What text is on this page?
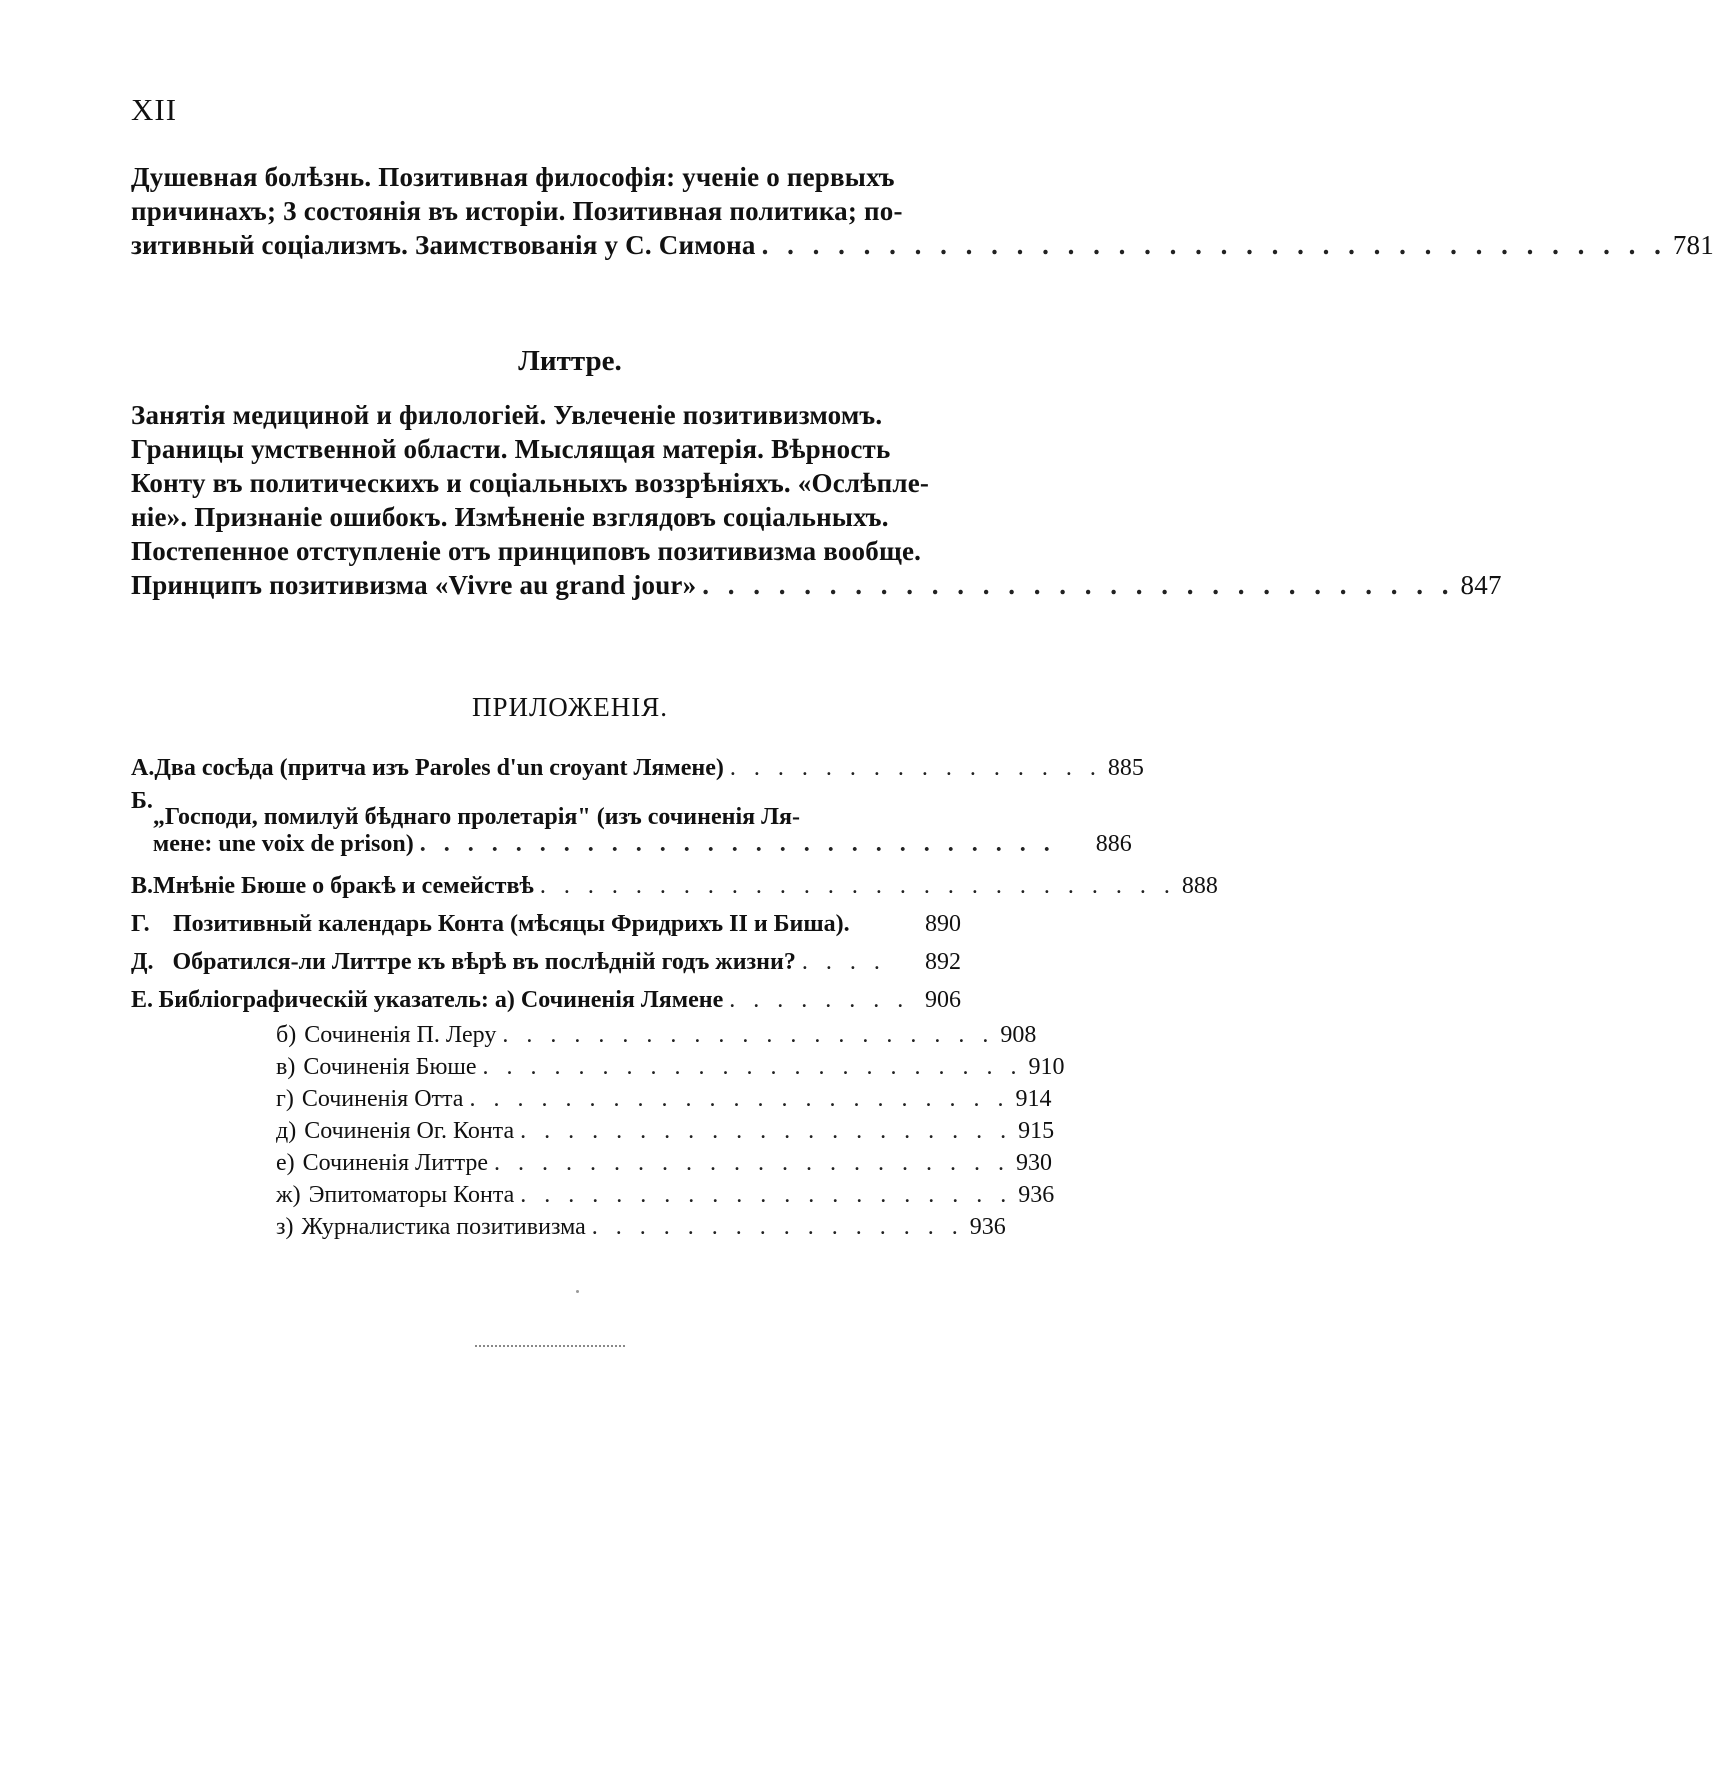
XII
Душевная болѣзнь. Позитивная философія: ученіе о первыхъ
причинахъ; 3 состоянія въ исторіи. Позитивная политика; по-
зитивный соціализмъ. Заимствованія у С. Симона . . . . . . . . . . . . . . . . . . . . . . . . . . . . . . . . . . . . 781
Литтре.
Занятія медициной и филологіей. Увлеченіе позитивизмомъ.
Границы умственной области. Мыслящая матерія. Вѣрность
Конту въ политическихъ и соціальныхъ воззрѣніяхъ. «Ослѣпле-
ніе». Признаніе ошибокъ. Измѣненіе взглядовъ соціальныхъ.
Постепенное отступленіе отъ принциповъ позитивизма вообще.
Принципъ позитивизма «Vivre au grand jour» . . . . . . . . . . . . . . . . . . . . . . . . . . . . . . 847
ПРИЛОЖЕНІЯ.
А. Два сосѣда (притча изъ Paroles d'un croyant Лямене) . . . . . . . . . . . . . . . . 885
Б.
„Господи, помилуй бѣднаго пролетарія" (изъ сочиненія Ля-
мене: une voix de prison) . . . . . . . . . . . . . . . . . . . . . . . . . . .	886
В. Мнѣніе Бюше о бракѣ и семействѣ . . . . . . . . . . . . . . . . . . . . . . . . . . . 888
Г. Позитивный календарь Конта (мѣсяцы Фридрихъ II и Биша).	890
Д. Обратился-ли Литтре къ вѣрѣ въ послѣдній годъ жизни? . . . .	892
Е. Библіографическій указатель: а) Сочиненія Лямене . . . . . . . . 906
б) Сочиненія П. Леру . . . . . . . . . . . . . . . . . . . . . 908
в) Сочиненія Бюше . . . . . . . . . . . . . . . . . . . . . . . 910
г) Сочиненія Отта . . . . . . . . . . . . . . . . . . . . . . . 914
д) Сочиненія Ог. Конта . . . . . . . . . . . . . . . . . . . . . 915
е) Сочиненія Литтре . . . . . . . . . . . . . . . . . . . . . . 930
ж) Эпитоматоры Конта . . . . . . . . . . . . . . . . . . . . . 936
з) Журналистика позитивизма . . . . . . . . . . . . . . . . 936
